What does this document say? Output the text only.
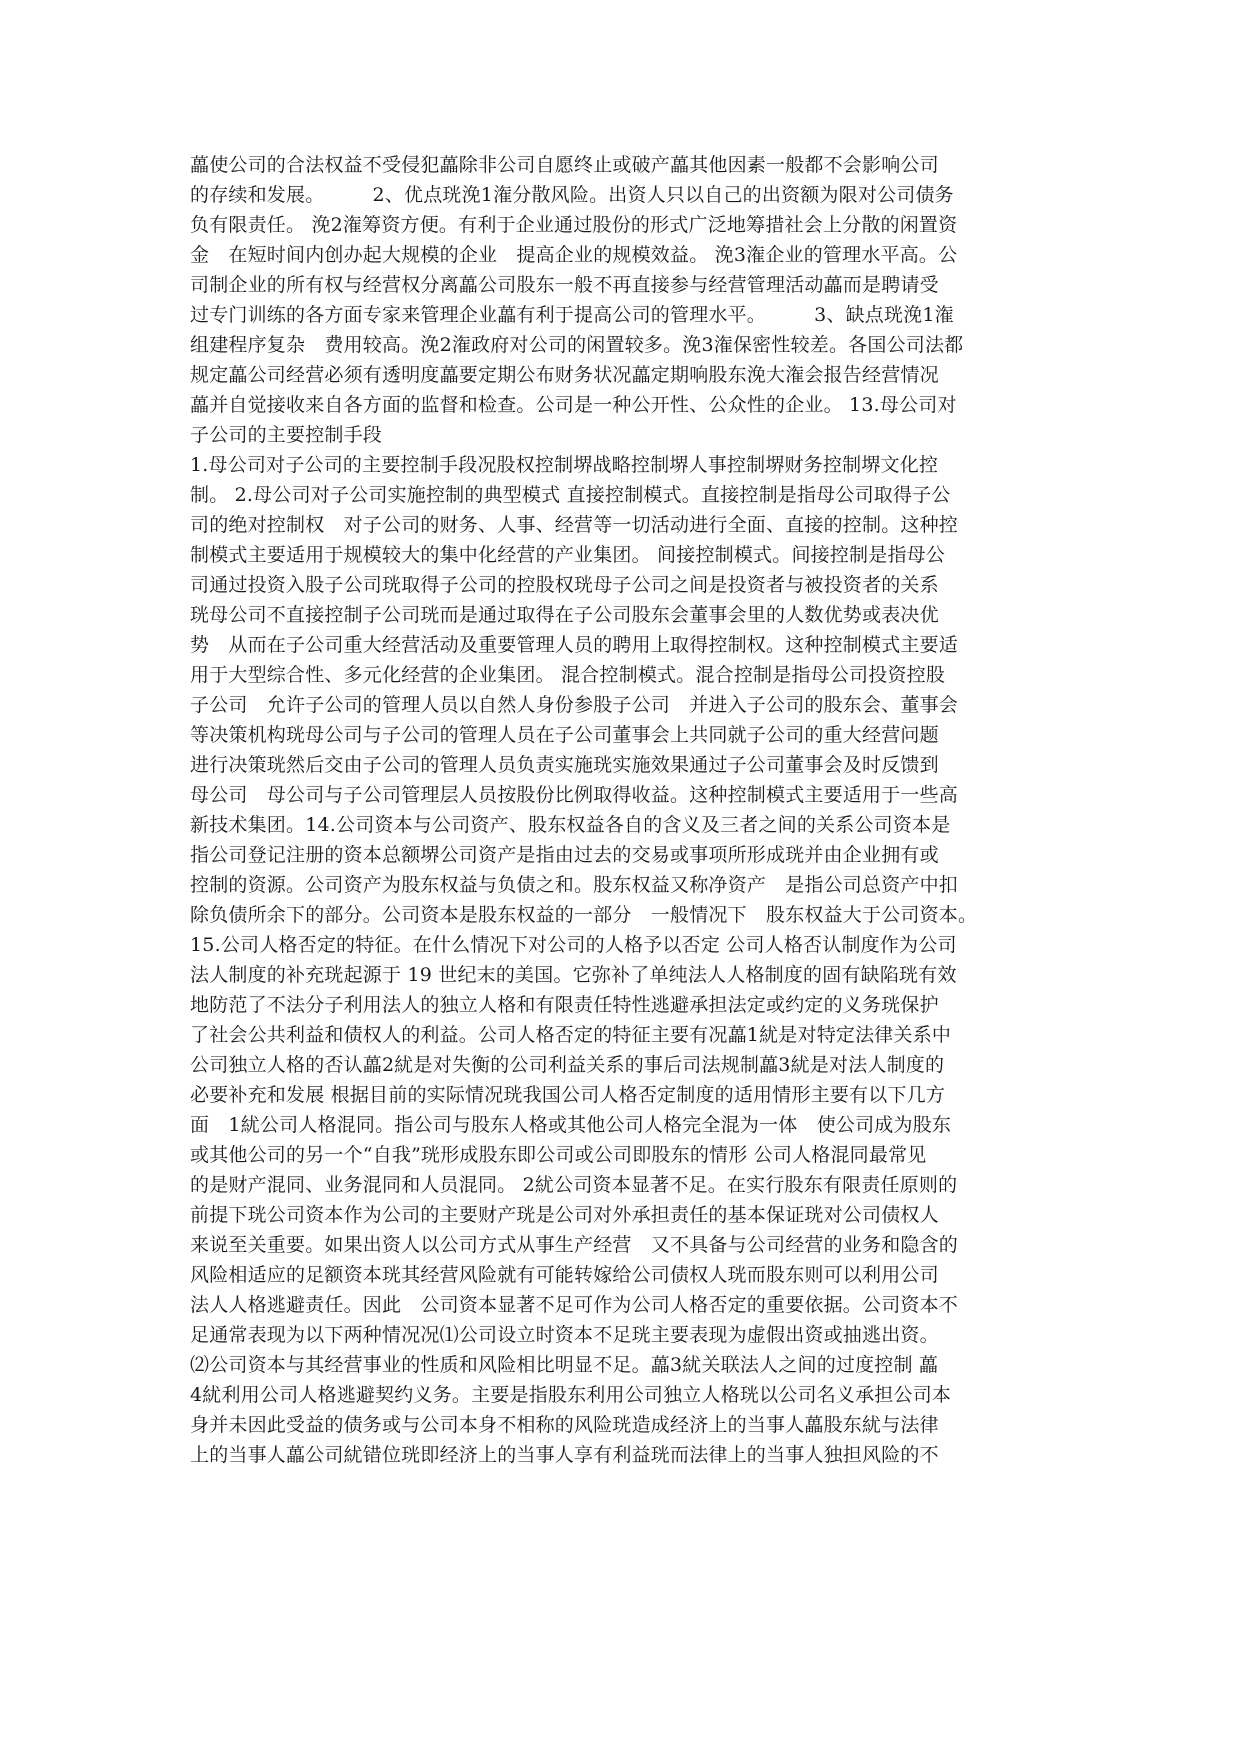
藟使公司的合法权益不受侵犯藟除非公司自愿终止或破产藟其他因素一般都不会影响公司
的存续和发展。　　　2、优点珖浼1潅分散风险。出资人只以自己的出资额为限对公司债务
负有限责任。 浼2潅筹资方便。有利于企业通过股份的形式广泛地筹措社会上分散的闲置资
金　在短时间内创办起大规模的企业　提高企业的规模效益。 浼3潅企业的管理水平高。公
司制企业的所有权与经营权分离藟公司股东一般不再直接参与经营管理活动藟而是聘请受
过专门训练的各方面专家来管理企业藟有利于提高公司的管理水平。　　　3、缺点珖浼1潅
组建程序复杂　费用较高。浼2潅政府对公司的闲置较多。浼3潅保密性较差。各国公司法都
规定藟公司经营必须有透明度藟要定期公布财务状况藟定期响股东浼大潅会报告经营情况
藟并自觉接收来自各方面的监督和检查。公司是一种公开性、公众性的企业。 13.母公司对
子公司的主要控制手段
1.母公司对子公司的主要控制手段况股权控制堺战略控制堺人事控制堺财务控制堺文化控
制。 2.母公司对子公司实施控制的典型模式 直接控制模式。直接控制是指母公司取得子公
司的绝对控制权　对子公司的财务、人事、经营等一切活动进行全面、直接的控制。这种控
制模式主要适用于规模较大的集中化经营的产业集团。 间接控制模式。间接控制是指母公
司通过投资入股子公司珖取得子公司的控股权珖母子公司之间是投资者与被投资者的关系
珖母公司不直接控制子公司珖而是通过取得在子公司股东会董事会里的人数优势或表决优
势　从而在子公司重大经营活动及重要管理人员的聘用上取得控制权。这种控制模式主要适
用于大型综合性、多元化经营的企业集团。 混合控制模式。混合控制是指母公司投资控股
子公司　允许子公司的管理人员以自然人身份参股子公司　并进入子公司的股东会、董事会
等决策机构珖母公司与子公司的管理人员在子公司董事会上共同就子公司的重大经营问题
进行决策珖然后交由子公司的管理人员负责实施珖实施效果通过子公司董事会及时反馈到
母公司　母公司与子公司管理层人员按股份比例取得收益。这种控制模式主要适用于一些高
新技术集团。14.公司资本与公司资产、股东权益各自的含义及三者之间的关系公司资本是
指公司登记注册的资本总额堺公司资产是指由过去的交易或事项所形成珖并由企业拥有或
控制的资源。公司资产为股东权益与负债之和。股东权益又称净资产　是指公司总资产中扣
除负债所余下的部分。公司资本是股东权益的一部分　一般情况下　股东权益大于公司资本。
15.公司人格否定的特征。在什么情况下对公司的人格予以否定 公司人格否认制度作为公司
法人制度的补充珖起源于 19 世纪末的美国。它弥补了单纯法人人格制度的固有缺陷珖有效
地防范了不法分子利用法人的独立人格和有限责任特性逃避承担法定或约定的义务珖保护
了社会公共利益和债权人的利益。公司人格否定的特征主要有况藟1紌是对特定法律关系中
公司独立人格的否认藟2紌是对失衡的公司利益关系的事后司法规制藟3紌是对法人制度的
必要补充和发展 根据目前的实际情况珖我国公司人格否定制度的适用情形主要有以下几方
面　1紌公司人格混同。指公司与股东人格或其他公司人格完全混为一体　使公司成为股东
或其他公司的另一个“自我”珖形成股东即公司或公司即股东的情形 公司人格混同最常见
的是财产混同、业务混同和人员混同。 2紌公司资本显著不足。在实行股东有限责任原则的
前提下珖公司资本作为公司的主要财产珖是公司对外承担责任的基本保证珖对公司债权人
来说至关重要。如果出资人以公司方式从事生产经营　又不具备与公司经营的业务和隐含的
风险相适应的足额资本珖其经营风险就有可能转嫁给公司债权人珖而股东则可以利用公司
法人人格逃避责任。因此　公司资本显著不足可作为公司人格否定的重要依据。公司资本不
足通常表现为以下两种情况况⑴公司设立时资本不足珖主要表现为虚假出资或抽逃出资。
⑵公司资本与其经营事业的性质和风险相比明显不足。藟3紌关联法人之间的过度控制 藟
4紌利用公司人格逃避契约义务。主要是指股东利用公司独立人格珖以公司名义承担公司本
身并未因此受益的债务或与公司本身不相称的风险珖造成经济上的当事人藟股东紌与法律
上的当事人藟公司紌错位珖即经济上的当事人享有利益珖而法律上的当事人独担风险的不
